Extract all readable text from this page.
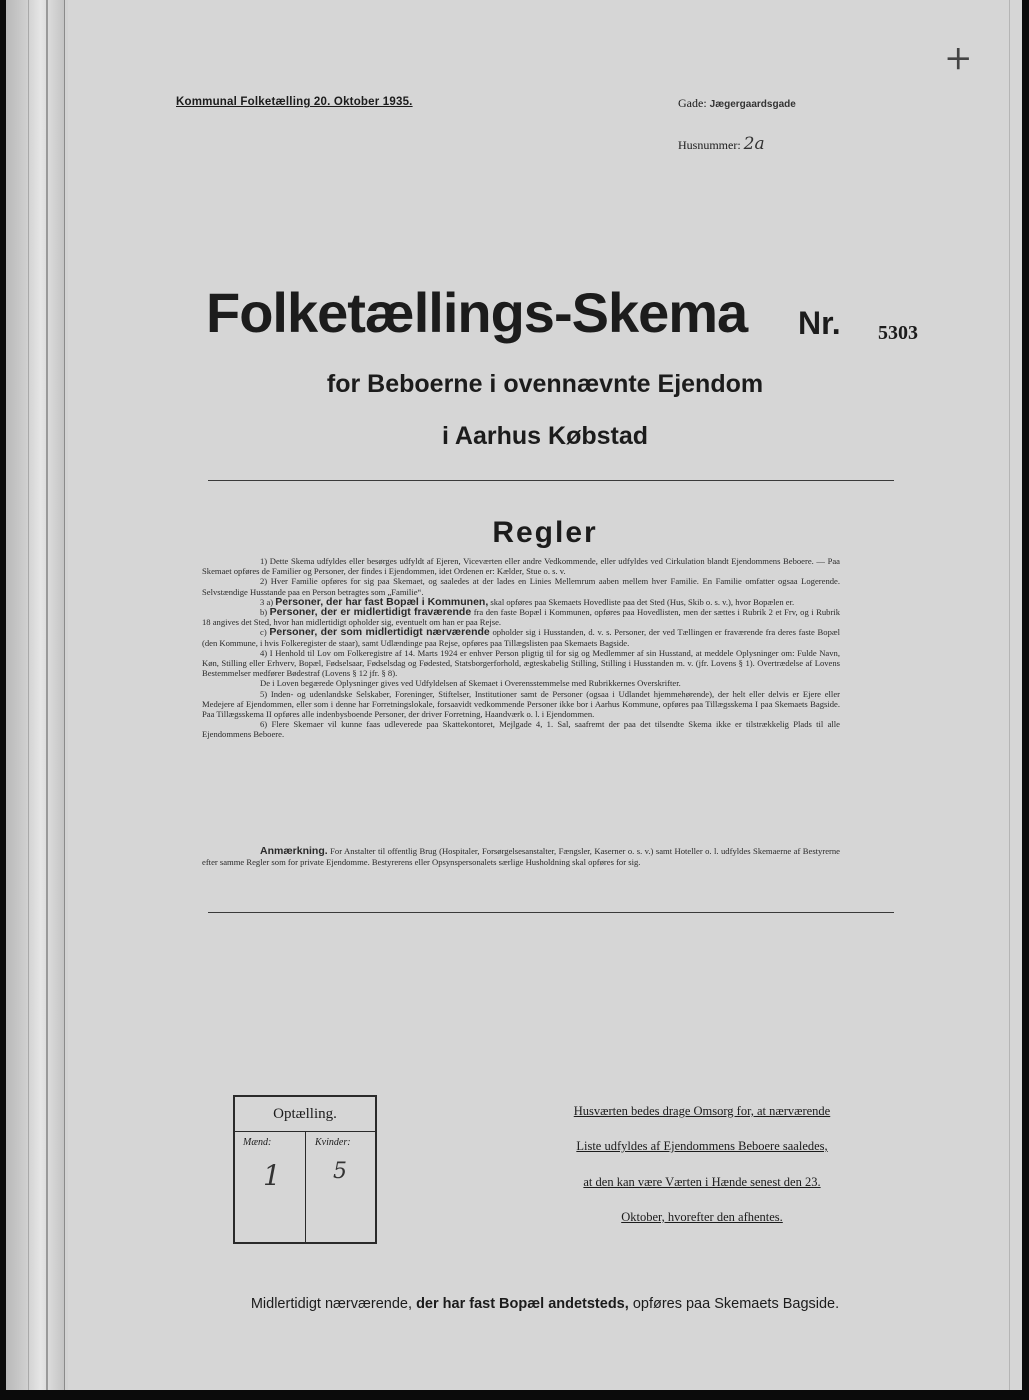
+
Kommunal Folketælling 20. Oktober 1935.	Gade: Jægergaardsgade
Husnummer: 2a
Folketællings-Skema Nr. 5303
for Beboerne i ovennævnte Ejendom
i Aarhus Købstad
Regler

1) Dette Skema udfyldes eller besørges udfyldt af Ejeren, Viceværten eller andre Vedkommende, eller udfyldes ved Cirkulation blandt Ejendommens Beboere. — Paa Skemaet opføres de Familier og Personer, der findes i Ejendommen, idet Ordenen er: Kælder, Stue o. s. v.

2) Hver Familie opføres for sig paa Skemaet, og saaledes at der lades en Linies Mellemrum aaben mellem hver Familie. En Familie omfatter ogsaa Logerende. Selvstændige Husstande paa en Person betragtes som „Familie“.

3 a) Personer, der har fast Bopæl i Kommunen, skal opføres paa Skemaets Hovedliste paa det Sted (Hus, Skib o. s. v.), hvor Bopælen er.

b) Personer, der er midlertidigt fraværende fra den faste Bopæl i Kommunen, opføres paa Hovedlisten, men der sættes i Rubrik 2 et Frv, og i Rubrik 18 angives det Sted, hvor han midlertidigt opholder sig, eventuelt om han er paa Rejse.

c) Personer, der som midlertidigt nærværende opholder sig i Husstanden, d. v. s. Personer, der ved Tællingen er fraværende fra deres faste Bopæl (den Kommune, i hvis Folkeregister de staar), samt Udlændinge paa Rejse, opføres paa Tillægslisten paa Skemaets Bagside.

4) I Henhold til Lov om Folkeregistre af 14. Marts 1924 er enhver Person pligtig til for sig og Medlemmer af sin Husstand, at meddele Oplysninger om: Fulde Navn, Køn, Stilling eller Erhverv, Bopæl, Fødselsaar, Fødselsdag og Fødested, Statsborgerforhold, ægteskabelig Stilling, Stilling i Husstanden m. v. (jfr. Lovens § 1). Overtrædelse af Lovens Bestemmelser medfører Bødestraf (Lovens § 12 jfr. § 8).

De i Loven begærede Oplysninger gives ved Udfyldelsen af Skemaet i Overensstemmelse med Rubrikkernes Overskrifter.

5) Inden- og udenlandske Selskaber, Foreninger, Stiftelser, Institutioner samt de Personer (ogsaa i Udlandet hjemmehørende), der helt eller delvis er Ejere eller Medejere af Ejendommen, eller som i denne har Forretningslokale, forsaavidt vedkommende Personer ikke bor i Aarhus Kommune, opføres paa Tillægsskema I paa Skemaets Bagside. Paa Tillægsskema II opføres alle indenbysboende Personer, der driver Forretning, Haandværk o. l. i Ejendommen.

6) Flere Skemaer vil kunne faas udleverede paa Skattekontoret, Mejlgade 4, 1. Sal, saafremt der paa det tilsendte Skema ikke er tilstrækkelig Plads til alle Ejendommens Beboere.

Anmærkning. For Anstalter til offentlig Brug (Hospitaler, Forsørgelsesanstalter, Fængsler, Kaserner o. s. v.) samt Hoteller o. l. udfyldes Skemaerne af Bestyrerne efter samme Regler som for private Ejendomme. Bestyrerens eller Opsynspersonalets særlige Husholdning skal opføres for sig.
Optælling.
Mænd:	Kvinder:
1 5
Husværten bedes drage Omsorg for, at nærværende
Liste udfyldes af Ejendommens Beboere saaledes,
at den kan være Værten i Hænde senest den 23.
Oktober, hvorefter den afhentes.
Midlertidigt nærværende, der har fast Bopæl andetsteds, opføres paa Skemaets Bagside.
